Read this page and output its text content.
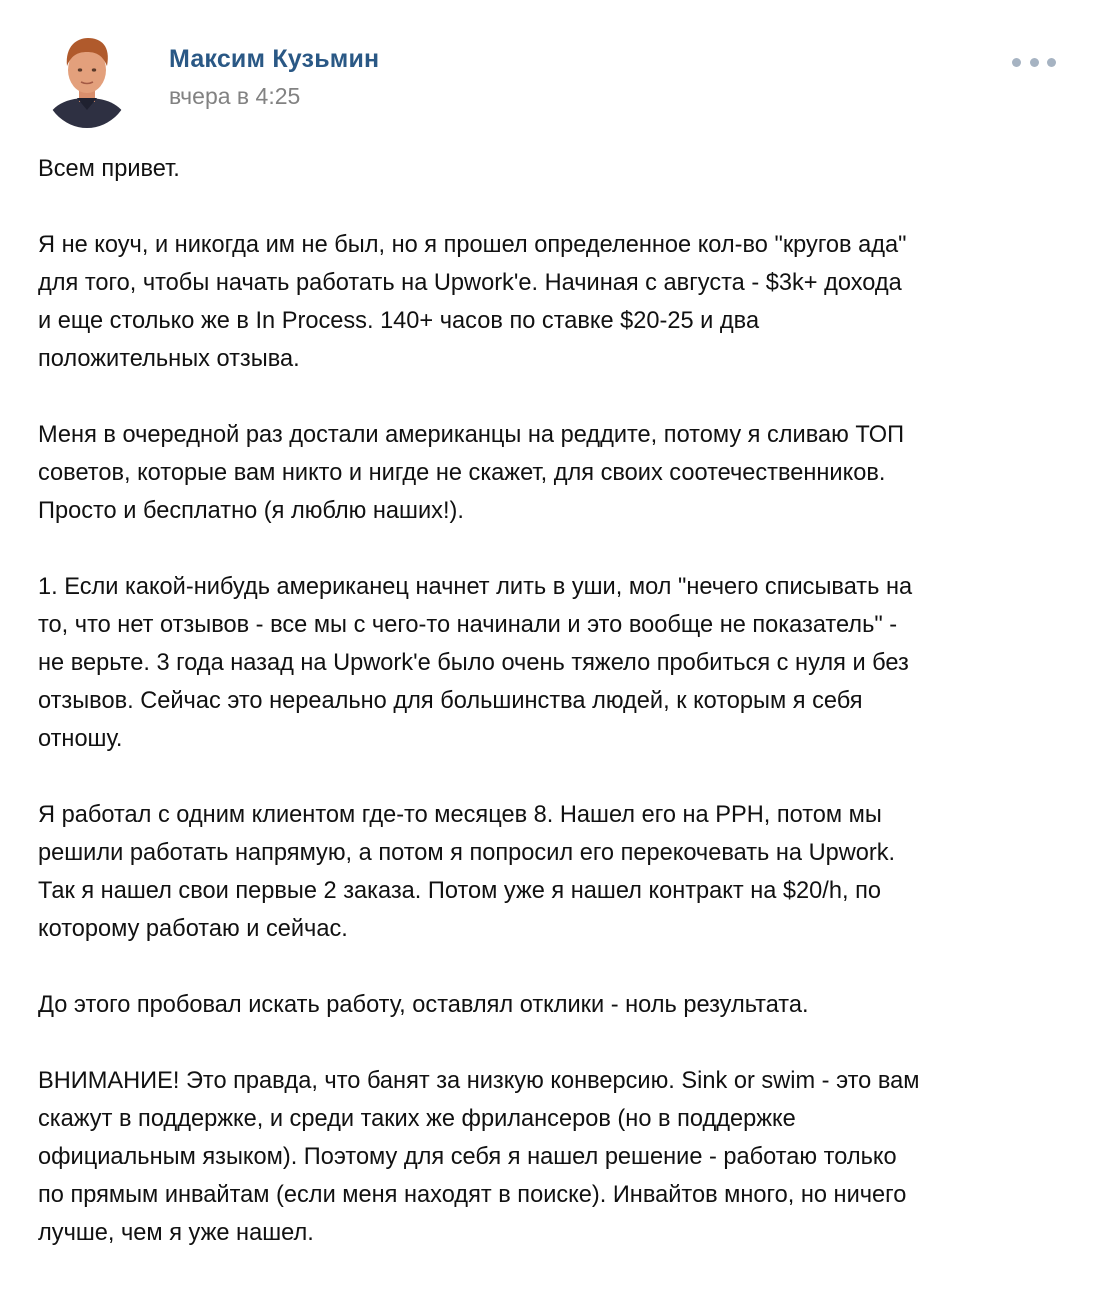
Максим Кузьмин
вчера в 4:25

Всем привет.

Я не коуч, и никогда им не был, но я прошел определенное кол-во "кругов ада"
для того, чтобы начать работать на Upwork'е. Начиная с августа - $3k+ дохода
и еще столько же в In Process. 140+ часов по ставке $20-25 и два
положительных отзыва.

Меня в очередной раз достали американцы на реддите, потому я сливаю ТОП
советов, которые вам никто и нигде не скажет, для своих соотечественников.
Просто и бесплатно (я люблю наших!).

1. Если какой-нибудь американец начнет лить в уши, мол "нечего списывать на
то, что нет отзывов - все мы с чего-то начинали и это вообще не показатель" -
не верьте. 3 года назад на Upwork'е было очень тяжело пробиться с нуля и без
отзывов. Сейчас это нереально для большинства людей, к которым я себя
отношу.

Я работал с одним клиентом где-то месяцев 8. Нашел его на PPH, потом мы
решили работать напрямую, а потом я попросил его перекочевать на Upwork.
Так я нашел свои первые 2 заказа. Потом уже я нашел контракт на $20/h, по
которому работаю и сейчас.

До этого пробовал искать работу, оставлял отклики - ноль результата.

ВНИМАНИЕ! Это правда, что банят за низкую конверсию. Sink or swim - это вам
скажут в поддержке, и среди таких же фрилансеров (но в поддержке
официальным языком). Поэтому для себя я нашел решение - работаю только
по прямым инвайтам (если меня находят в поиске). Инвайтов много, но ничего
лучше, чем я уже нашел.
